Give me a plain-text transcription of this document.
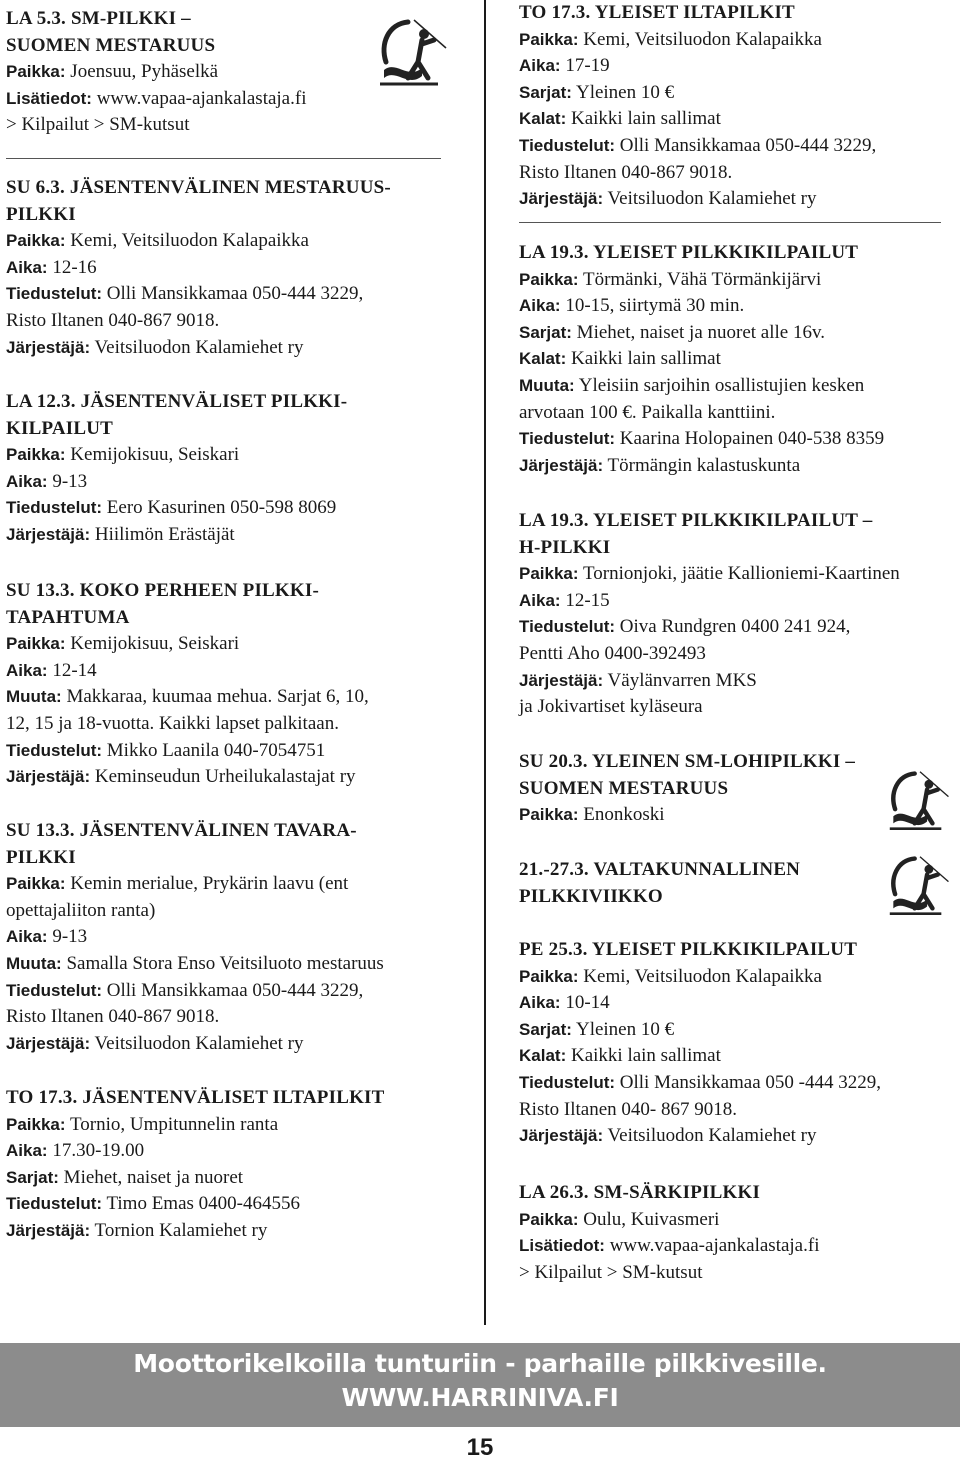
LA 5.3. SM-PILKKI –
SUOMEN MESTARUUS
Paikka: Joensuu, Pyhäselkä
Lisätiedot: www.vapaa-ajankalastaja.fi
> Kilpailut > SM-kutsut
SU 6.3. JÄSENTENVÄLINEN MESTARUUS-
PILKKI
Paikka: Kemi, Veitsiluodon Kalapaikka
Aika: 12-16
Tiedustelut: Olli Mansikkamaa 050-444 3229,
Risto Iltanen 040-867 9018.
Järjestäjä: Veitsiluodon Kalamiehet ry
LA 12.3. JÄSENTENVÄLISET PILKKI-
KILPAILUT
Paikka: Kemijokisuu, Seiskari
Aika: 9-13
Tiedustelut: Eero Kasurinen 050-598 8069
Järjestäjä: Hiilimön Erästäjät
SU 13.3. KOKO PERHEEN PILKKI-
TAPAHTUMA
Paikka: Kemijokisuu, Seiskari
Aika: 12-14
Muuta: Makkaraa, kuumaa mehua. Sarjat 6, 10,
12, 15 ja 18-vuotta. Kaikki lapset palkitaan.
Tiedustelut: Mikko Laanila 040-7054751
Järjestäjä: Keminseudun Urheilukalastajat ry
SU 13.3. JÄSENTENVÄLINEN TAVARA-
PILKKI
Paikka: Kemin merialue, Prykärin laavu (ent
opettajaliiton ranta)
Aika: 9-13
Muuta: Samalla Stora Enso Veitsiluoto mestaruus
Tiedustelut: Olli Mansikkamaa 050-444 3229,
Risto Iltanen 040-867 9018.
Järjestäjä: Veitsiluodon Kalamiehet ry
TO 17.3. JÄSENTENVÄLISET ILTAPILKIT
Paikka: Tornio, Umpitunnelin ranta
Aika: 17.30-19.00
Sarjat: Miehet, naiset ja nuoret
Tiedustelut: Timo Emas 0400-464556
Järjestäjä: Tornion Kalamiehet ry
TO 17.3. YLEISET ILTAPILKIT
Paikka: Kemi, Veitsiluodon Kalapaikka
Aika: 17-19
Sarjat: Yleinen 10 €
Kalat: Kaikki lain sallimat
Tiedustelut: Olli Mansikkamaa 050-444 3229,
Risto Iltanen 040-867 9018.
Järjestäjä: Veitsiluodon Kalamiehet ry
LA 19.3. YLEISET PILKKIKILPAILUT
Paikka: Törmänki, Vähä Törmänkijärvi
Aika: 10-15, siirtymä 30 min.
Sarjat: Miehet, naiset ja nuoret alle 16v.
Kalat: Kaikki lain sallimat
Muuta: Yleisiin sarjoihin osallistujien kesken
arvotaan 100 €. Paikalla kanttiini.
Tiedustelut: Kaarina Holopainen 040-538 8359
Järjestäjä: Törmängin kalastuskunta
LA 19.3. YLEISET PILKKIKILPAILUT –
H-PILKKI
Paikka: Tornionjoki, jäätie Kallioniemi-Kaartinen
Aika: 12-15
Tiedustelut: Oiva Rundgren 0400 241 924,
Pentti Aho 0400-392493
Järjestäjä: Väylänvarren MKS
ja Jokivartiset kyläseura
SU 20.3. YLEINEN SM-LOHIPILKKI –
SUOMEN MESTARUUS
Paikka: Enonkoski
21.-27.3. VALTAKUNNALLINEN
PILKKIVIIKKO
PE 25.3. YLEISET PILKKIKILPAILUT
Paikka: Kemi, Veitsiluodon Kalapaikka
Aika: 10-14
Sarjat: Yleinen 10 €
Kalat: Kaikki lain sallimat
Tiedustelut: Olli Mansikkamaa 050 -444 3229,
Risto Iltanen 040- 867 9018.
Järjestäjä: Veitsiluodon Kalamiehet ry
LA 26.3. SM-SÄRKIPILKKI
Paikka: Oulu, Kuivasmeri
Lisätiedot: www.vapaa-ajankalastaja.fi
> Kilpailut > SM-kutsut
Moottorikelkoilla tunturiin - parhaille pilkkivesille.
WWW.HARRINIVA.FI
15
